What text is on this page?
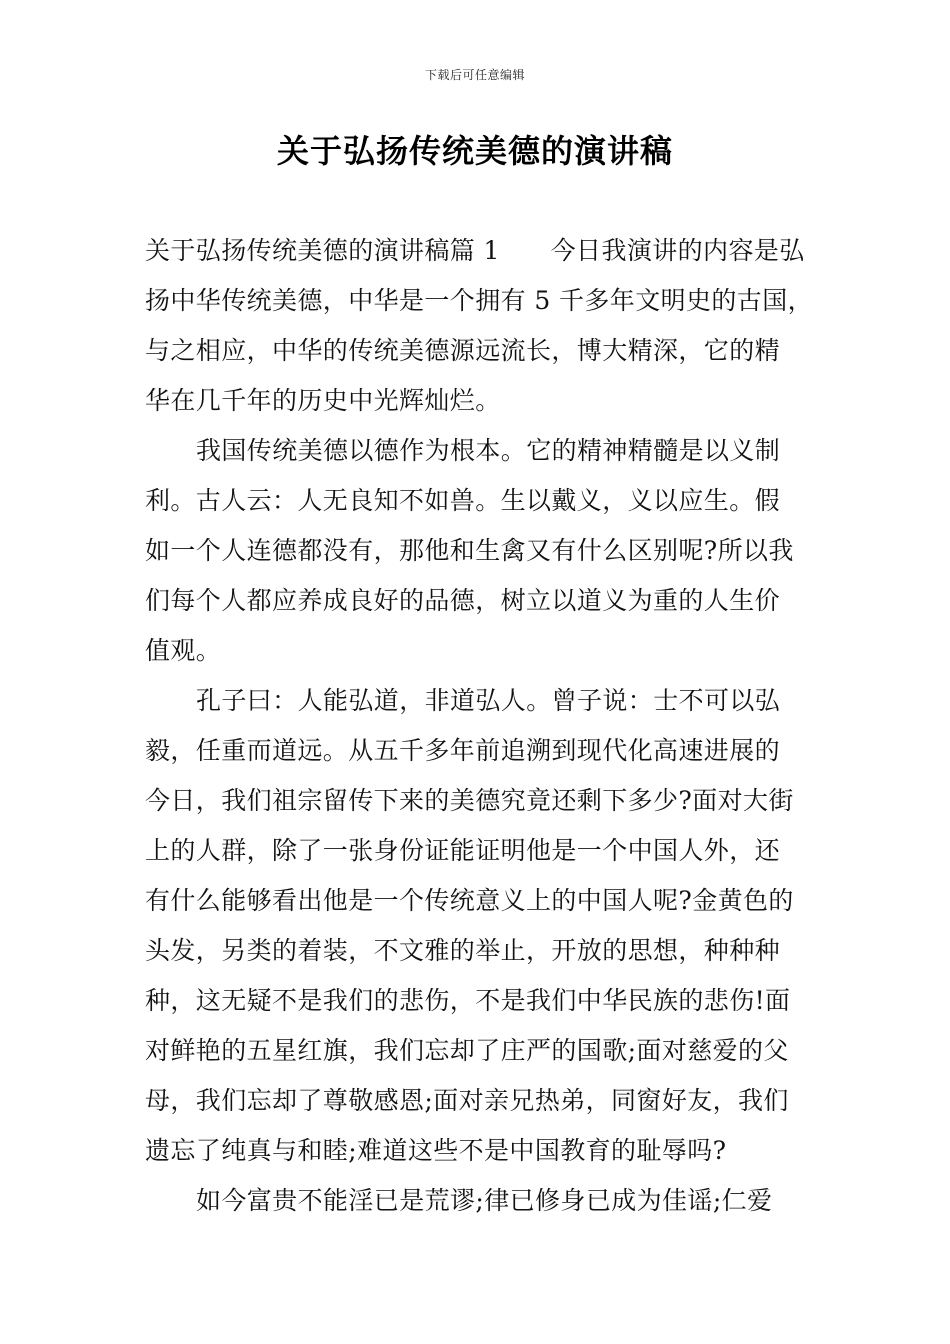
下载后可任意编辑
关于弘扬传统美德的演讲稿
关于弘扬传统美德的演讲稿篇 1　　今日我演讲的内容是弘
扬中华传统美德，中华是一个拥有 5 千多年文明史的古国，
与之相应，中华的传统美德源远流长，博大精深，它的精
华在几千年的历史中光辉灿烂。
我国传统美德以德作为根本。它的精神精髓是以义制
利。古人云：人无良知不如兽。生以戴义，义以应生。假
如一个人连德都没有，那他和生禽又有什么区别呢?所以我
们每个人都应养成良好的品德，树立以道义为重的人生价
值观。
孔子曰：人能弘道，非道弘人。曾子说：士不可以弘
毅，任重而道远。从五千多年前追溯到现代化高速进展的
今日，我们祖宗留传下来的美德究竟还剩下多少?面对大街
上的人群，除了一张身份证能证明他是一个中国人外，还
有什么能够看出他是一个传统意义上的中国人呢?金黄色的
头发，另类的着装，不文雅的举止，开放的思想，种种种
种，这无疑不是我们的悲伤，不是我们中华民族的悲伤!面
对鲜艳的五星红旗，我们忘却了庄严的国歌;面对慈爱的父
母，我们忘却了尊敬感恩;面对亲兄热弟，同窗好友，我们
遗忘了纯真与和睦;难道这些不是中国教育的耻辱吗?
如今富贵不能淫已是荒谬;律已修身已成为佳谣;仁爱
